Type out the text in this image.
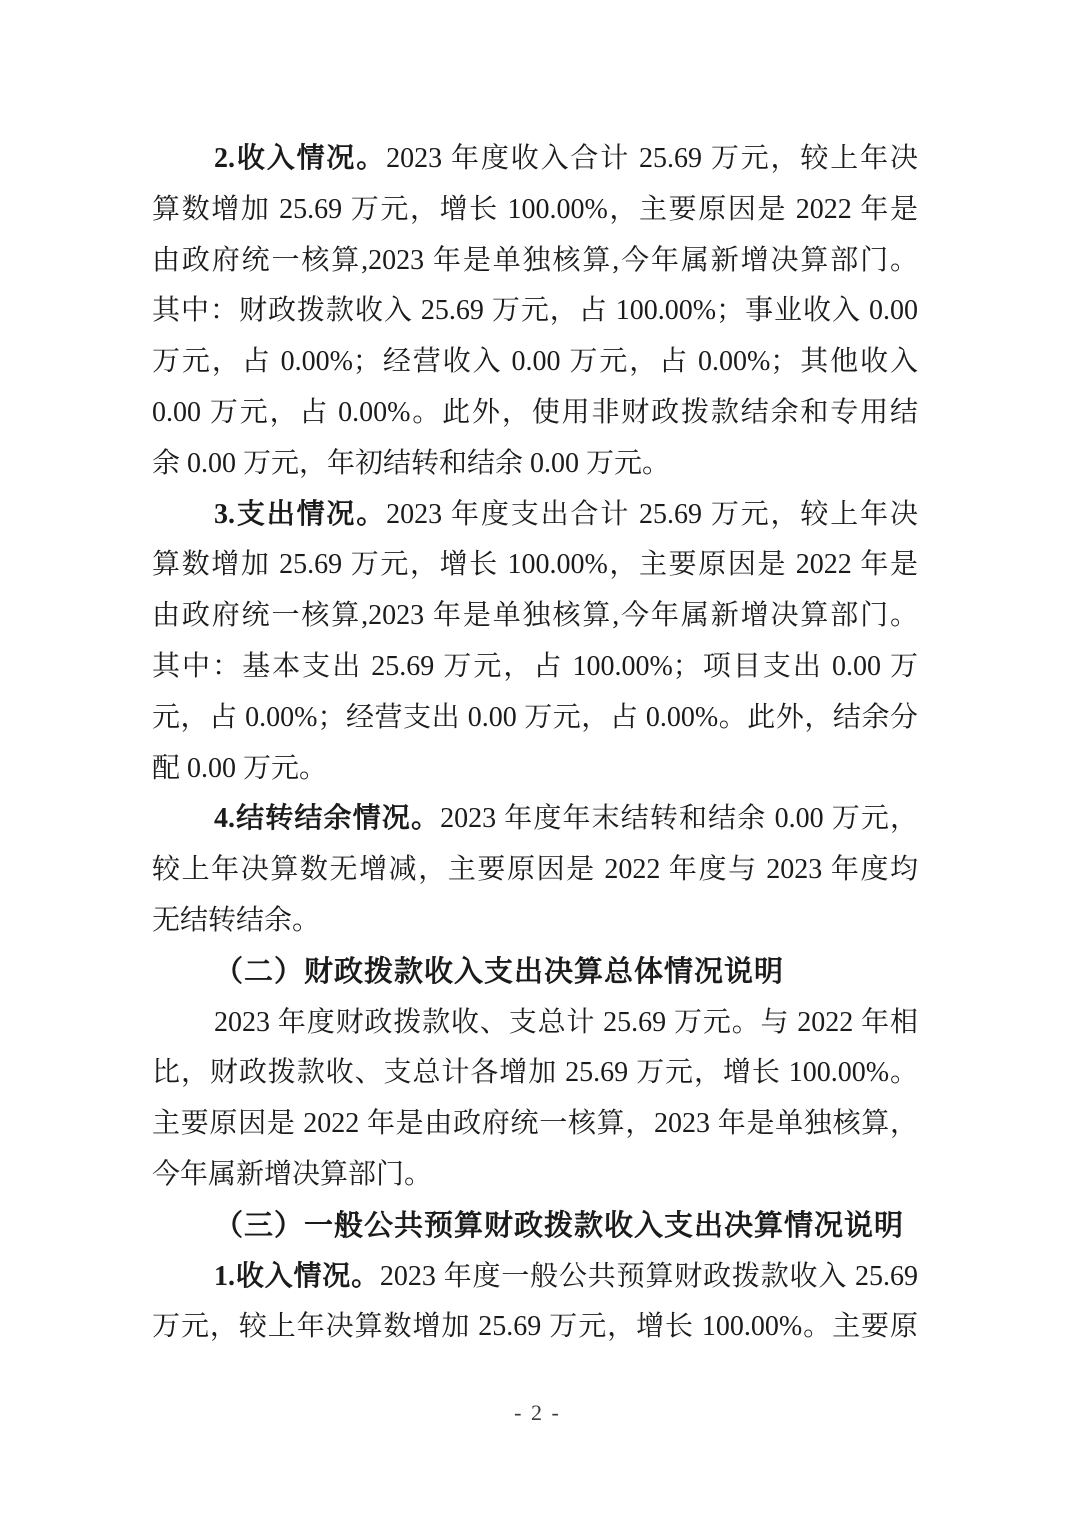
2.收入情况。2023 年度收入合计 25.69 万元，较上年决
算数增加 25.69 万元，增长 100.00%，主要原因是 2022 年是
由政府统一核算,2023 年是单独核算,今年属新增决算部门。
其中：财政拨款收入 25.69 万元，占 100.00%；事业收入 0.00
万元，占 0.00%；经营收入 0.00 万元，占 0.00%；其他收入
0.00 万元，占 0.00%。此外，使用非财政拨款结余和专用结
余 0.00 万元，年初结转和结余 0.00 万元。
3.支出情况。2023 年度支出合计 25.69 万元，较上年决
算数增加 25.69 万元，增长 100.00%，主要原因是 2022 年是
由政府统一核算,2023 年是单独核算,今年属新增决算部门。
其中：基本支出 25.69 万元，占 100.00%；项目支出 0.00 万
元，占 0.00%；经营支出 0.00 万元，占 0.00%。此外，结余分
配 0.00 万元。
4.结转结余情况。2023 年度年末结转和结余 0.00 万元，
较上年决算数无增减，主要原因是 2022 年度与 2023 年度均
无结转结余。
（二）财政拨款收入支出决算总体情况说明
2023 年度财政拨款收、支总计 25.69 万元。与 2022 年相
比，财政拨款收、支总计各增加 25.69 万元，增长 100.00%。
主要原因是 2022 年是由政府统一核算，2023 年是单独核算，
今年属新增决算部门。
（三）一般公共预算财政拨款收入支出决算情况说明
1.收入情况。2023 年度一般公共预算财政拨款收入 25.69
万元，较上年决算数增加 25.69 万元，增长 100.00%。主要原
- 2 -
